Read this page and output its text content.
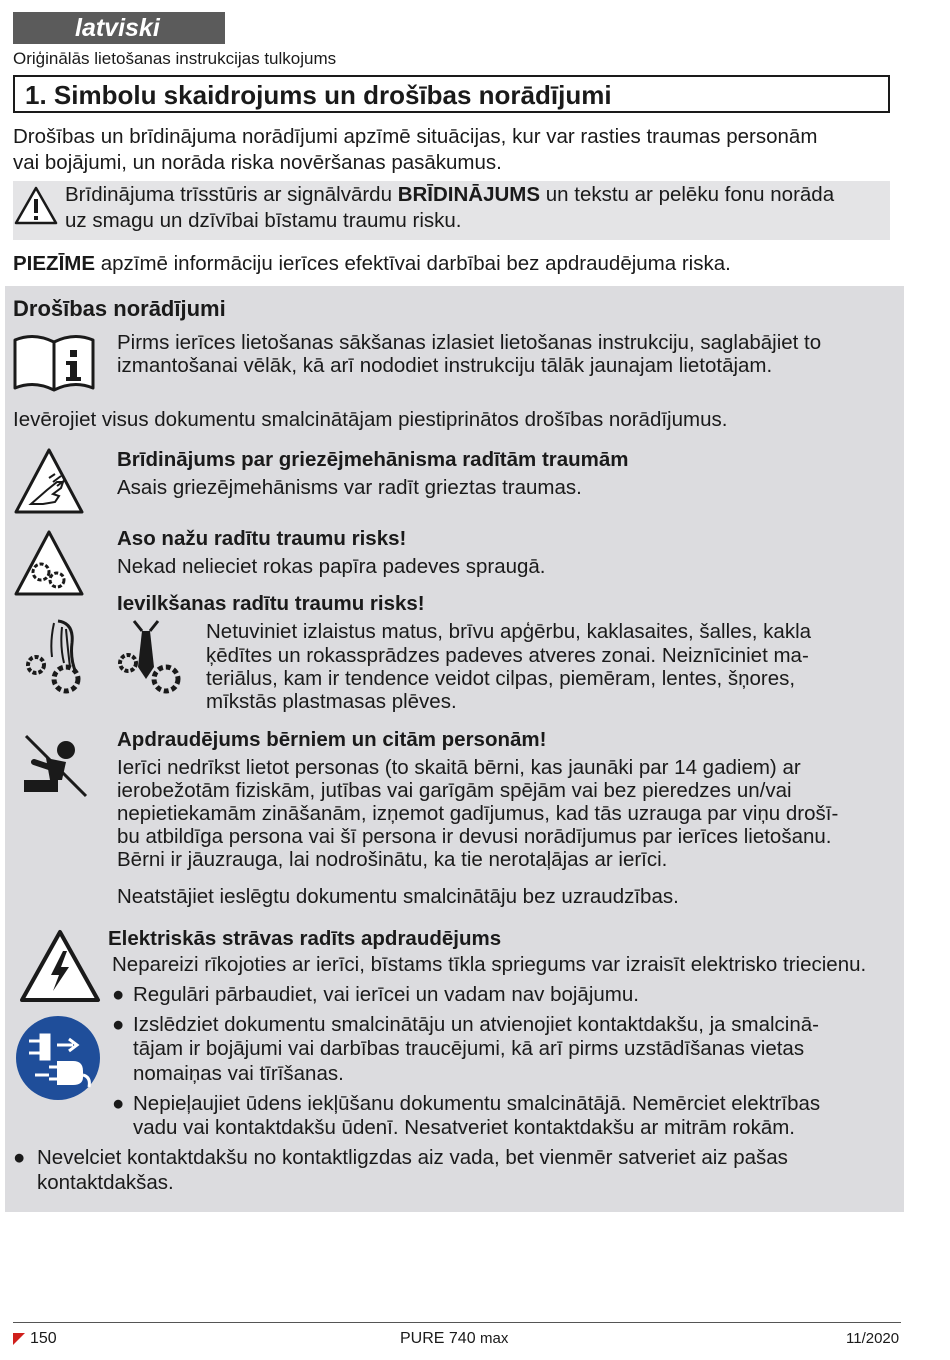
latviski
Oriģinālās lietošanas instrukcijas tulkojums
1. Simbolu skaidrojums un drošības norādījumi
Drošības un brīdinājuma norādījumi apzīmē situācijas, kur var rasties traumas personām
vai bojājumi, un norāda riska novēršanas pasākumus.
Brīdinājuma trīsstūris ar signālvārdu BRĪDINĀJUMS un tekstu ar pelēku fonu norāda
uz smagu un dzīvībai bīstamu traumu risku.
PIEZĪME apzīmē informāciju ierīces efektīvai darbībai bez apdraudējuma riska.
Drošības norādījumi
Pirms ierīces lietošanas sākšanas izlasiet lietošanas instrukciju, saglabājiet to
izmantošanai vēlāk, kā arī nododiet instrukciju tālāk jaunajam lietotājam.
Ievērojiet visus dokumentu smalcinātājam piestiprinātos drošības norādījumus.
Brīdinājums par griezējmehānisma radītām traumām
Asais griezējmehānisms var radīt grieztas traumas.
Aso nažu radītu traumu risks!
Nekad nelieciet rokas papīra padeves spraugā.
Ievilkšanas radītu traumu risks!
Netuviniet izlaistus matus, brīvu apģērbu, kaklasaites, šalles, kakla
ķēdītes un rokassprādzes padeves atveres zonai. Neiznīciniet ma-
teriālus, kam ir tendence veidot cilpas, piemēram, lentes, šņores,
mīkstās plastmasas plēves.
Apdraudējums bērniem un citām personām!
Ierīci nedrīkst lietot personas (to skaitā bērni, kas jaunāki par 14 gadiem) ar
ierobežotām fiziskām, jutības vai garīgām spējām vai bez pieredzes un/vai
nepietiekamām zināšanām, izņemot gadījumus, kad tās uzrauga par viņu drošī-
bu atbildīga persona vai šī persona ir devusi norādījumus par ierīces lietošanu.
Bērni ir jāuzrauga, lai nodrošinātu, ka tie nerotaļājas ar ierīci.
Neatstājiet ieslēgtu dokumentu smalcinātāju bez uzraudzības.
Elektriskās strāvas radīts apdraudējums
Nepareizi rīkojoties ar ierīci, bīstams tīkla spriegums var izraisīt elektrisko triecienu.
● Regulāri pārbaudiet, vai ierīcei un vadam nav bojājumu.
● Izslēdziet dokumentu smalcinātāju un atvienojiet kontaktdakšu, ja smalcinā-
tājam ir bojājumi vai darbības traucējumi, kā arī pirms uzstādīšanas vietas
nomaiņas vai tīrīšanas.
● Nepieļaujiet ūdens iekļūšanu dokumentu smalcinātājā. Nemērciet elektrības
vadu vai kontaktdakšu ūdenī. Nesatveriet kontaktdakšu ar mitrām rokām.
● Nevelciet kontaktdakšu no kontaktligzdas aiz vada, bet vienmēr satveriet aiz pašas
kontaktdakšas.
150	PURE 740 max	11/2020
